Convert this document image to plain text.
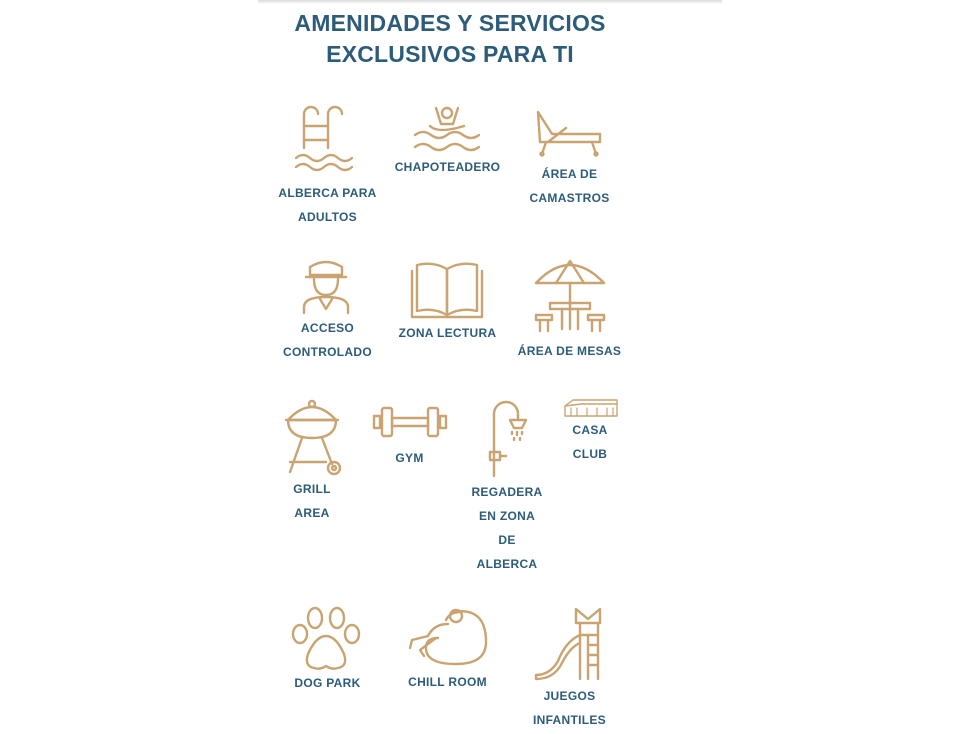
AMENIDADES Y SERVICIOS
EXCLUSIVOS PARA TI
ALBERCA PARA
ADULTOS
CHAPOTEADERO	ÁREA DE
CAMASTROS
ACCESO
CONTROLADO
ZONA LECTURA
ÁREA DE MESAS
GRILL
AREA
GYM
REGADERA
EN ZONA
DE
ALBERCA
CASA
CLUB
DOG PARK	CHILL ROOM
JUEGOS
INFANTILES
